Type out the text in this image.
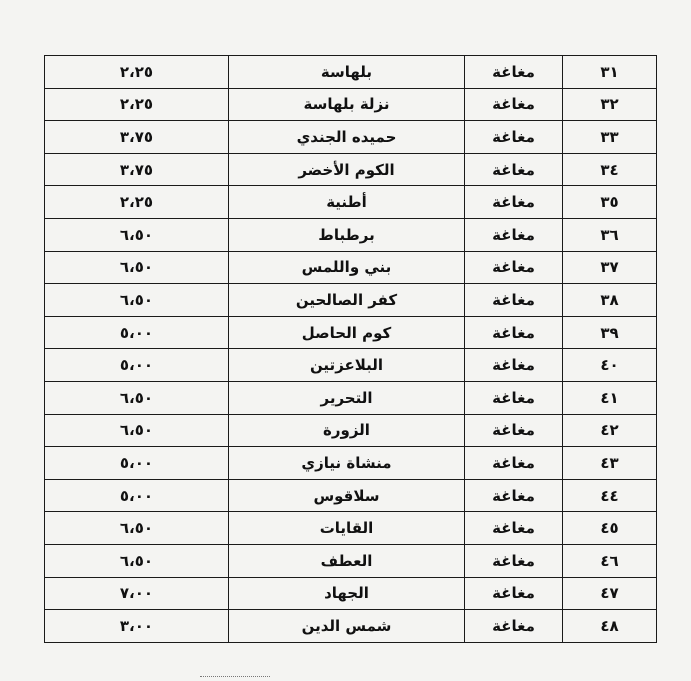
٢،٢٥	بلهاسة	مغاغة	٣١
٢،٢٥	نزلة بلهاسة	مغاغة	٣٢
٣،٧٥	حميده الجندي	مغاغة	٣٣
٣،٧٥	الكوم الأخضر	مغاغة	٣٤
٢،٢٥	أطنية	مغاغة	٣٥
٦،٥٠	برطباط	مغاغة	٣٦
٦،٥٠	بني واللمس	مغاغة	٣٧
٦،٥٠	كفر الصالحين	مغاغة	٣٨
٥،٠٠	كوم الحاصل	مغاغة	٣٩
٥،٠٠	البلاعزتين	مغاغة	٤٠
٦،٥٠	التحرير	مغاغة	٤١
٦،٥٠	الزورة	مغاغة	٤٢
٥،٠٠	منشاة نيازي	مغاغة	٤٣
٥،٠٠	سلاقوس	مغاغة	٤٤
٦،٥٠	القايات	مغاغة	٤٥
٦،٥٠	العطف	مغاغة	٤٦
٧،٠٠	الجهاد	مغاغة	٤٧
٣،٠٠	شمس الدين	مغاغة	٤٨
